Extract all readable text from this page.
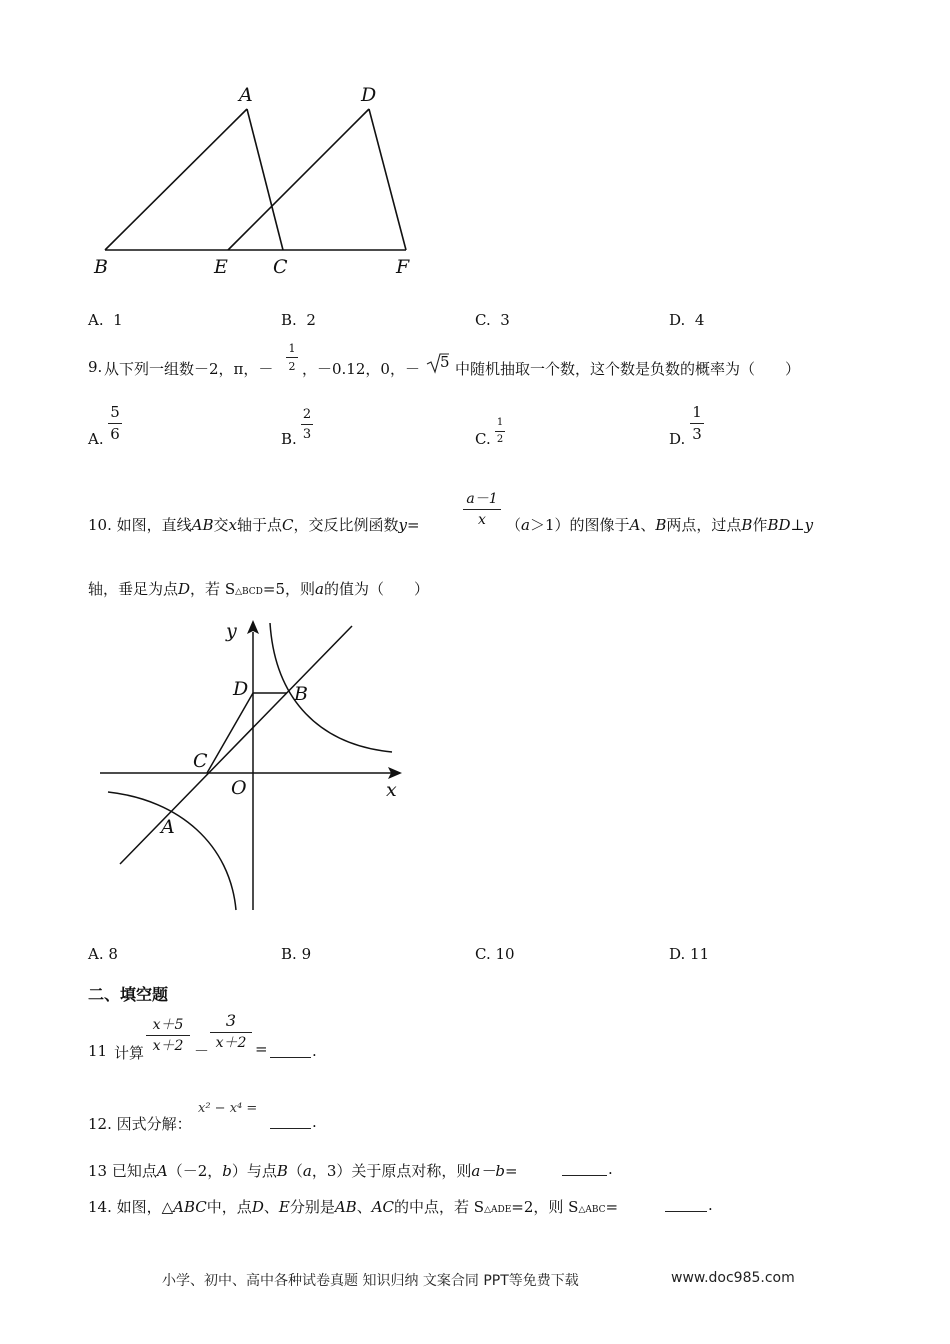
A	D
B	E C	F
A. 1	B. 2	C. 3	D. 4
9. 从下列一组数－2，π，－
1
2 ，－0.12，0，－ 5 中随机抽取一个数，这个数是负数的概率为（　　）
A.
5
6	B.
2
3	C.
1
2	D.
1
3
10. 如图，直线AB交x轴于点C，交反比例函数y=
a－1
x	（a＞1）的图像于A、B两点，过点B作BD⊥y
轴，垂足为点D，若 S△BCD=5，则a的值为（　　）
y
D B
C
O	x
A
A. 8	B. 9	C. 10	D. 11
二、填空题
11 计算
x＋5
x＋2 －
3
x＋2 =	.
12. 因式分解：
x² − x⁴ =
.
13 已知点A（－2，b）与点B（a，3）关于原点对称，则a－b=	.
14. 如图，△ABC中，点D、E分别是AB、AC的中点，若 S△ADE=2，则 S△ABC=	.
小学、初中、高中各种试卷真题 知识归纳 文案合同 PPT等免费下载	www.doc985.com
